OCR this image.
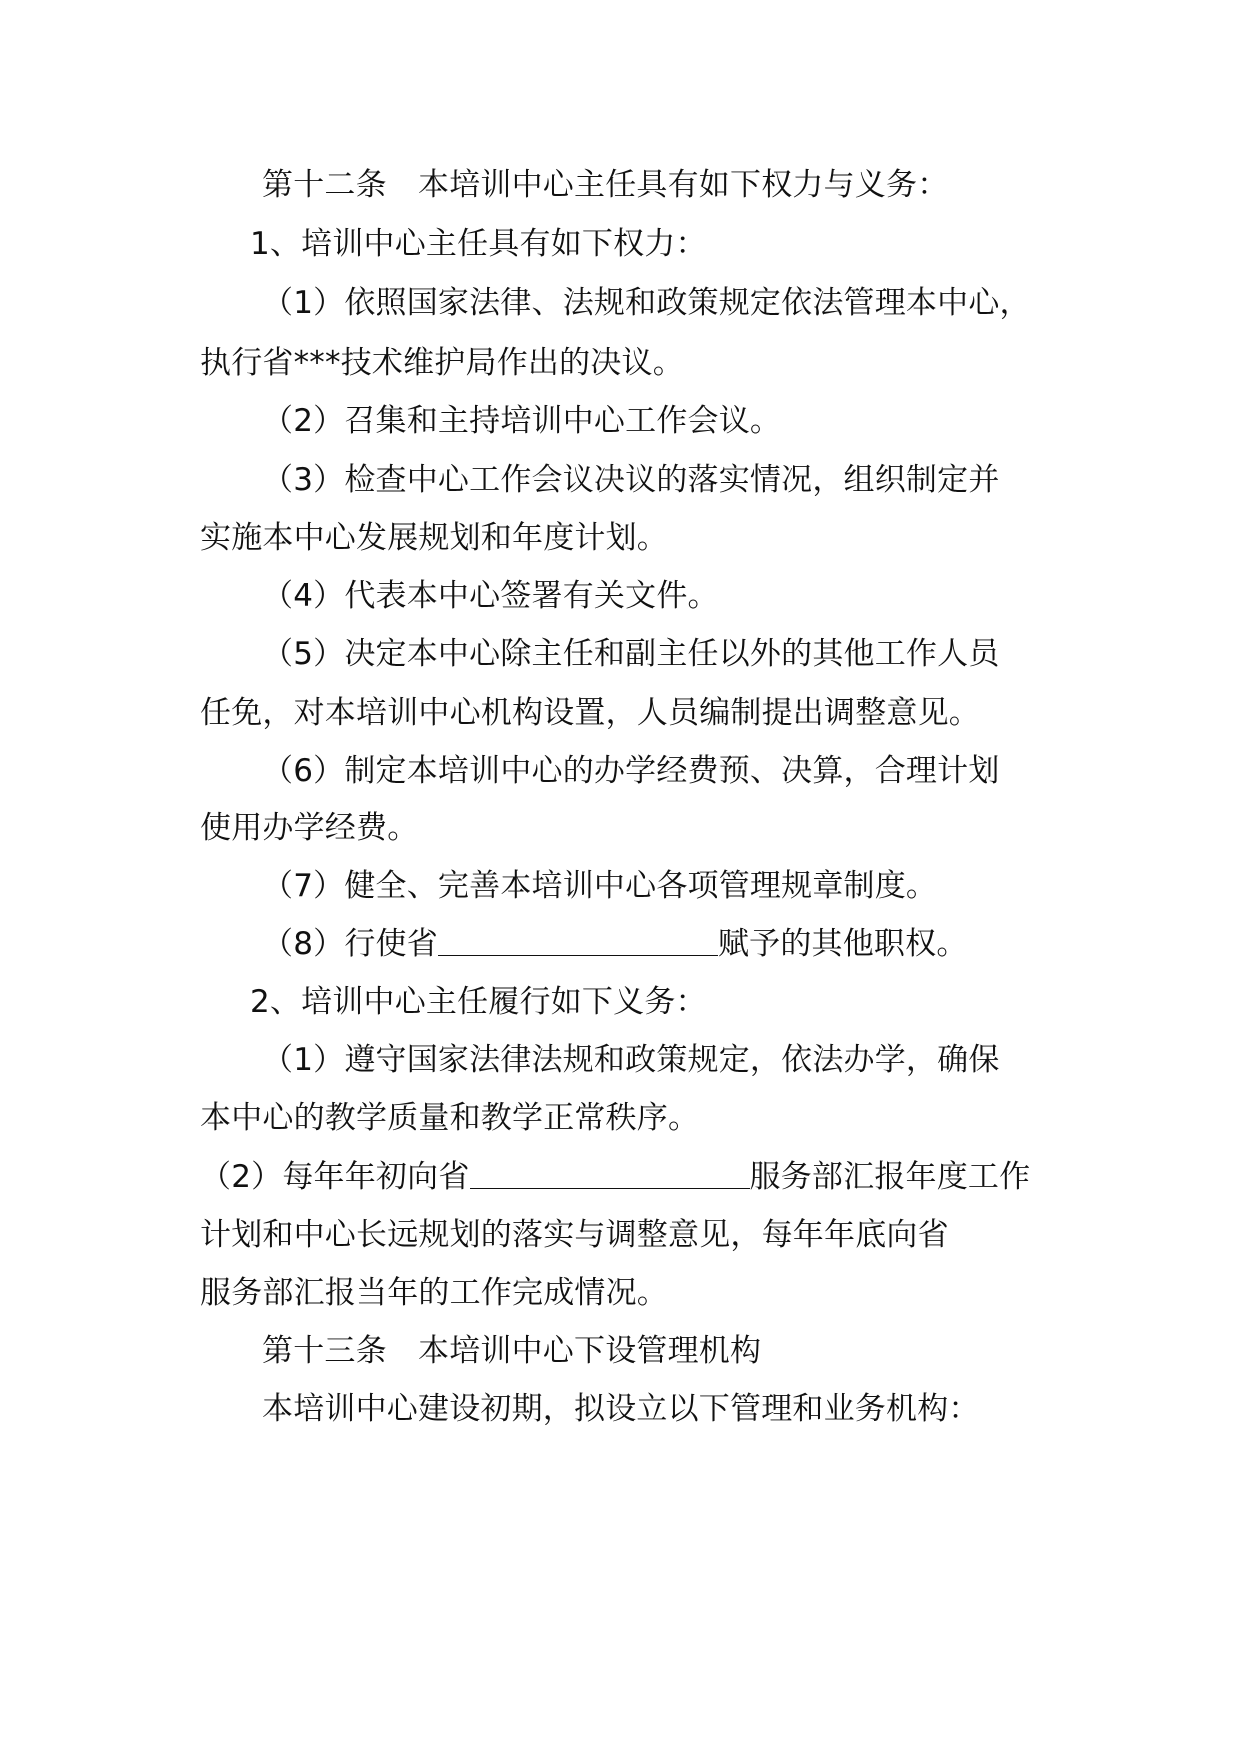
第十二条　本培训中心主任具有如下权力与义务：
1、培训中心主任具有如下权力：
（1）依照国家法律、法规和政策规定依法管理本中心，
执行省***技术维护局作出的决议。
（2）召集和主持培训中心工作会议。
（3）检查中心工作会议决议的落实情况，组织制定并
实施本中心发展规划和年度计划。
（4）代表本中心签署有关文件。
（5）决定本中心除主任和副主任以外的其他工作人员
任免，对本培训中心机构设置，人员编制提出调整意见。
（6）制定本培训中心的办学经费预、决算，合理计划
使用办学经费。
（7）健全、完善本培训中心各项管理规章制度。
（8）行使省	赋予的其他职权。
2、培训中心主任履行如下义务：
（1）遵守国家法律法规和政策规定，依法办学，确保
本中心的教学质量和教学正常秩序。
（2）每年年初向省	服务部汇报年度工作
计划和中心长远规划的落实与调整意见，每年年底向省
服务部汇报当年的工作完成情况。
第十三条　本培训中心下设管理机构
本培训中心建设初期，拟设立以下管理和业务机构：
